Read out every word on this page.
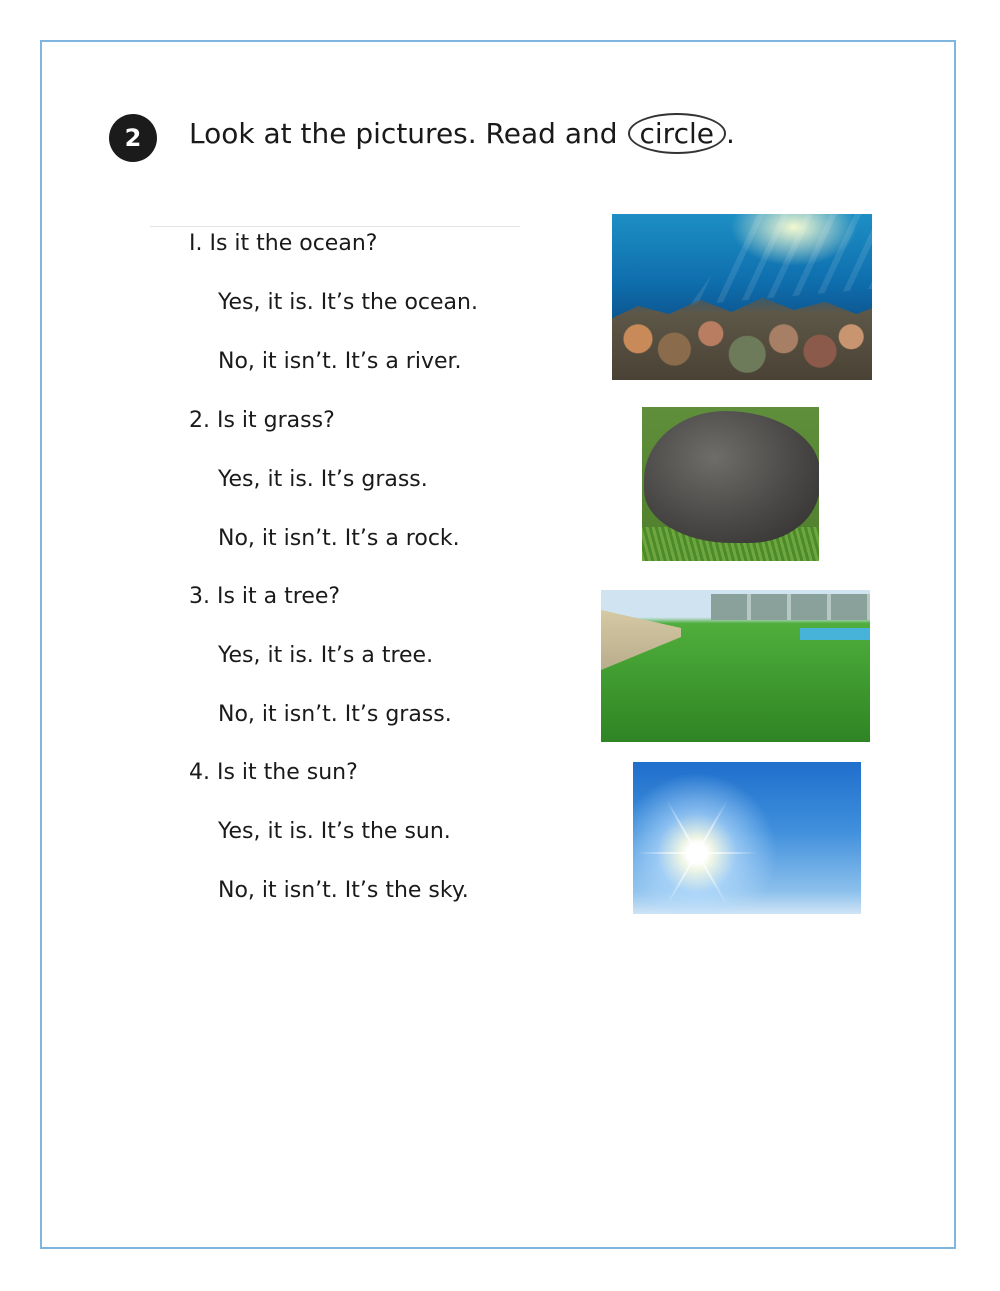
2 Look at the pictures. Read and circle .
I. Is it the ocean?
Yes, it is. It’s the ocean.
No, it isn’t. It’s a river.
2. Is it grass?
Yes, it is. It’s grass.
No, it isn’t. It’s a rock.
3. Is it a tree?
Yes, it is. It’s a tree.
No, it isn’t. It’s grass.
4. Is it the sun?
Yes, it is. It’s the sun.
No, it isn’t. It’s the sky.
